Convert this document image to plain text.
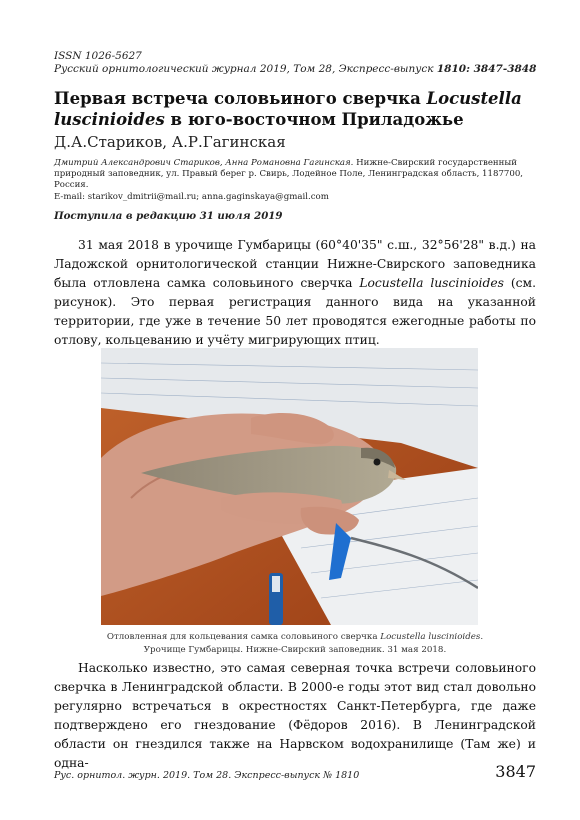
ISSN 1026-5627
Русский орнитологический журнал 2019, Том 28, Экспресс-выпуск 1810: 3847-3848
Первая встреча соловьиного сверчка Locustella luscinioides в юго-восточном Приладожье
Д.А.Стариков, А.Р.Гагинская
Дмитрий Александрович Стариков, Анна Романовна Гагинская. Нижне-Свирский государственный природный заповедник, ул. Правый берег р. Свирь, Лодейное Поле, Ленинградская область, 1187700, Россия.
E-mail: starikov_dmitrii@mail.ru; anna.gaginskaya@gmail.com
Поступила в редакцию 31 июля 2019
31 мая 2018 в урочище Гумбарицы (60°40'35" с.ш., 32°56'28" в.д.) на Ладожской орнитологической станции Нижне-Свирского заповедника была отловлена самка соловьиного сверчка Locustella luscinioides (см. рисунок). Это первая регистрация данного вида на указанной территории, где уже в течение 50 лет проводятся ежегодные работы по отлову, кольцеванию и учёту мигрирующих птиц.
Отловленная для кольцевания самка соловьиного сверчка Locustella luscinioides.
Урочище Гумбарицы. Нижне-Свирский заповедник. 31 мая 2018.
Насколько известно, это самая северная точка встречи соловьиного сверчка в Ленинградской области. В 2000-е годы этот вид стал довольно регулярно встречаться в окрестностях Санкт-Петербурга, где даже подтверждено его гнездование (Фёдоров 2016). В Ленинградской области он гнездился также на Нарвском водохранилище (Там же) и одна-
Рус. орнитол. журн. 2019. Том 28. Экспресс-выпуск № 1810	3847
